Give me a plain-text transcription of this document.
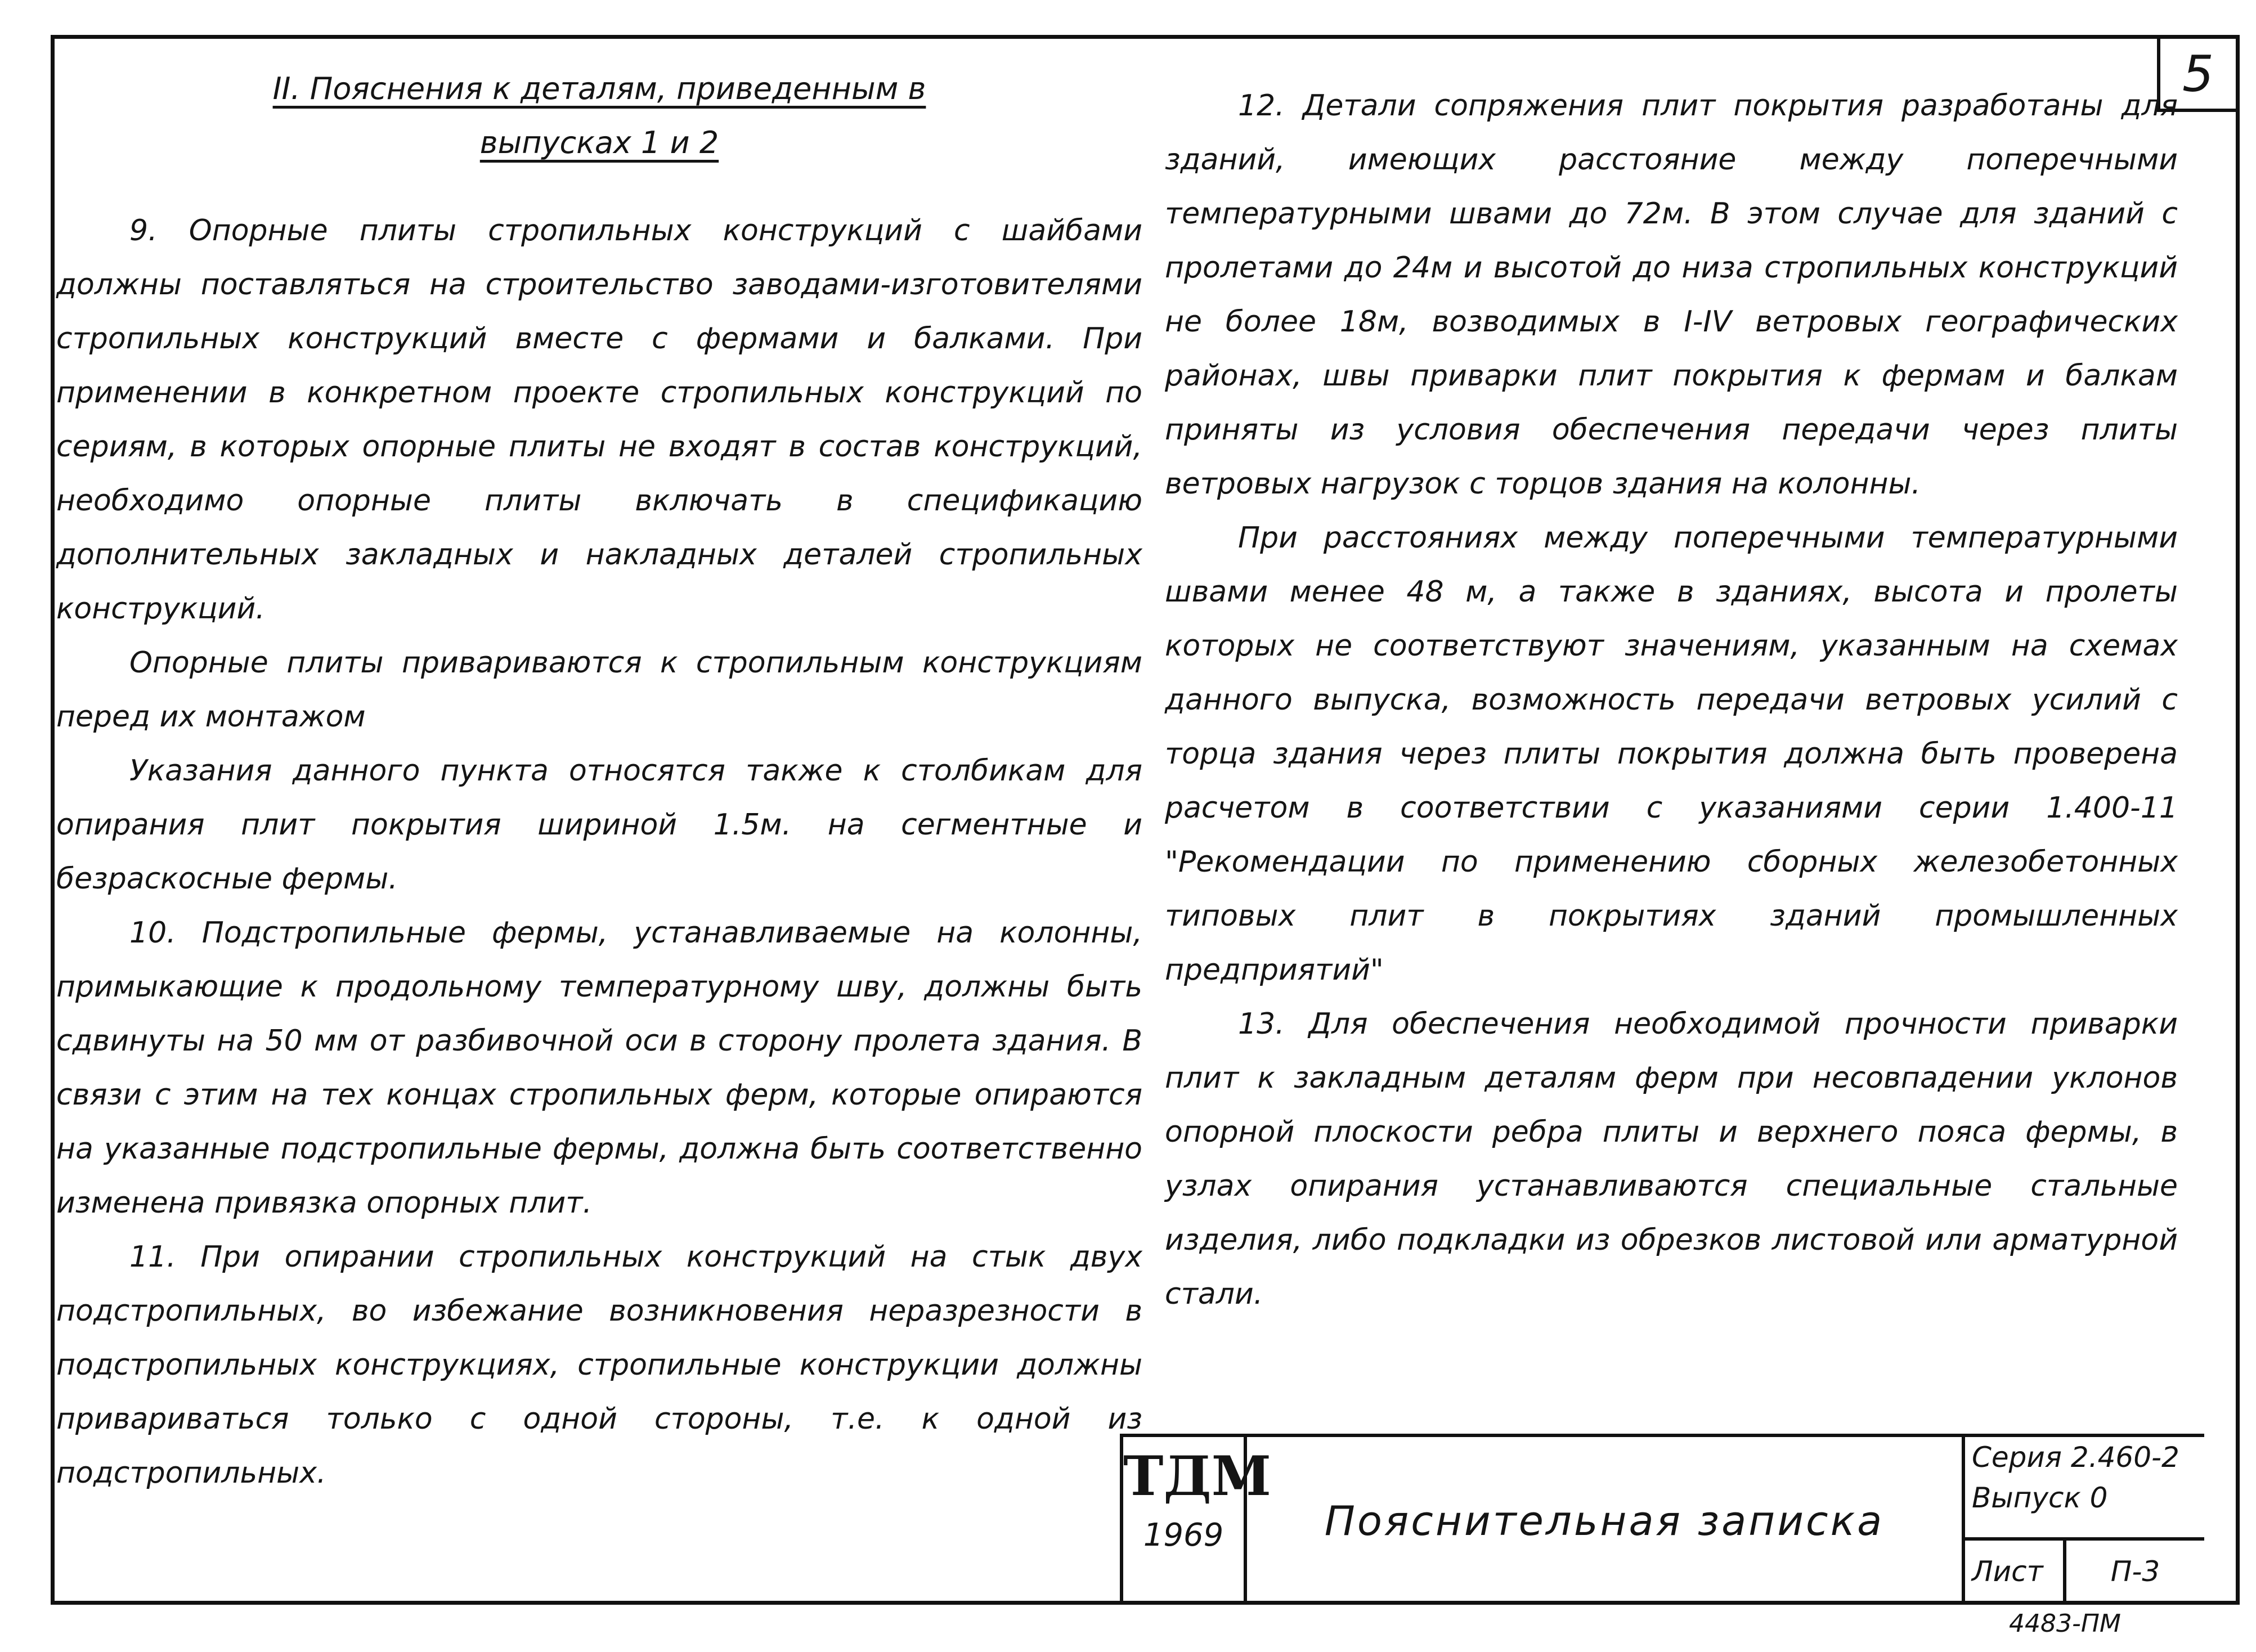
5
II. Пояснения к деталям, приведенным в
выпусках 1 и 2

9. Опорные плиты стропильных конструкций с шайбами должны поставляться на строительство заводами-изготовителями стропильных конструкций вместе с фермами и балками. При применении в конкретном проекте стропильных конструкций по сериям, в которых опорные плиты не входят в состав конструкций, необходимо опорные плиты включать в спецификацию дополнительных закладных и накладных деталей стропильных конструкций.

Опорные плиты привариваются к стропильным конструкциям перед их монтажом

Указания данного пункта относятся также к столбикам для опирания плит покрытия шириной 1.5м. на сегментные и безраскосные фермы.

10. Подстропильные фермы, устанавливаемые на колонны, примыкающие к продольному температурному шву, должны быть сдвинуты на 50 мм от разбивочной оси в сторону пролета здания. В связи с этим на тех концах стропильных ферм, которые опираются на указанные подстропильные фермы, должна быть соответственно изменена привязка опорных плит.

11. При опирании стропильных конструкций на стык двух подстропильных, во избежание возникновения неразрезности в подстропильных конструкциях, стропильные конструкции должны привариваться только с одной стороны, т.е. к одной из подстропильных.

12. Детали сопряжения плит покрытия разработаны для зданий, имеющих расстояние между поперечными температурными швами до 72м. В этом случае для зданий с пролетами до 24м и высотой до низа стропильных конструкций не более 18м, возводимых в I-IV ветровых географических районах, швы приварки плит покрытия к фермам и балкам приняты из условия обеспечения передачи через плиты ветровых нагрузок с торцов здания на колонны.

При расстояниях между поперечными температурными швами менее 48 м, а также в зданиях, высота и пролеты которых не соответствуют значениям, указанным на схемах данного выпуска, возможность передачи ветровых усилий с торца здания через плиты покрытия должна быть проверена расчетом в соответствии с указаниями серии 1.400-11 "Рекомендации по применению сборных железобетонных типовых плит в покрытиях зданий промышленных предприятий"

13. Для обеспечения необходимой прочности приварки плит к закладным деталям ферм при несовпадении уклонов опорной плоскости ребра плиты и верхнего пояса фермы, в узлах опирания устанавливаются специальные стальные изделия, либо подкладки из обрезков листовой или арматурной стали.

ТДМ
1969	Пояснительная записка
Серия 2.460-2
Выпуск 0
Лист	П-3
4483-ПМ
